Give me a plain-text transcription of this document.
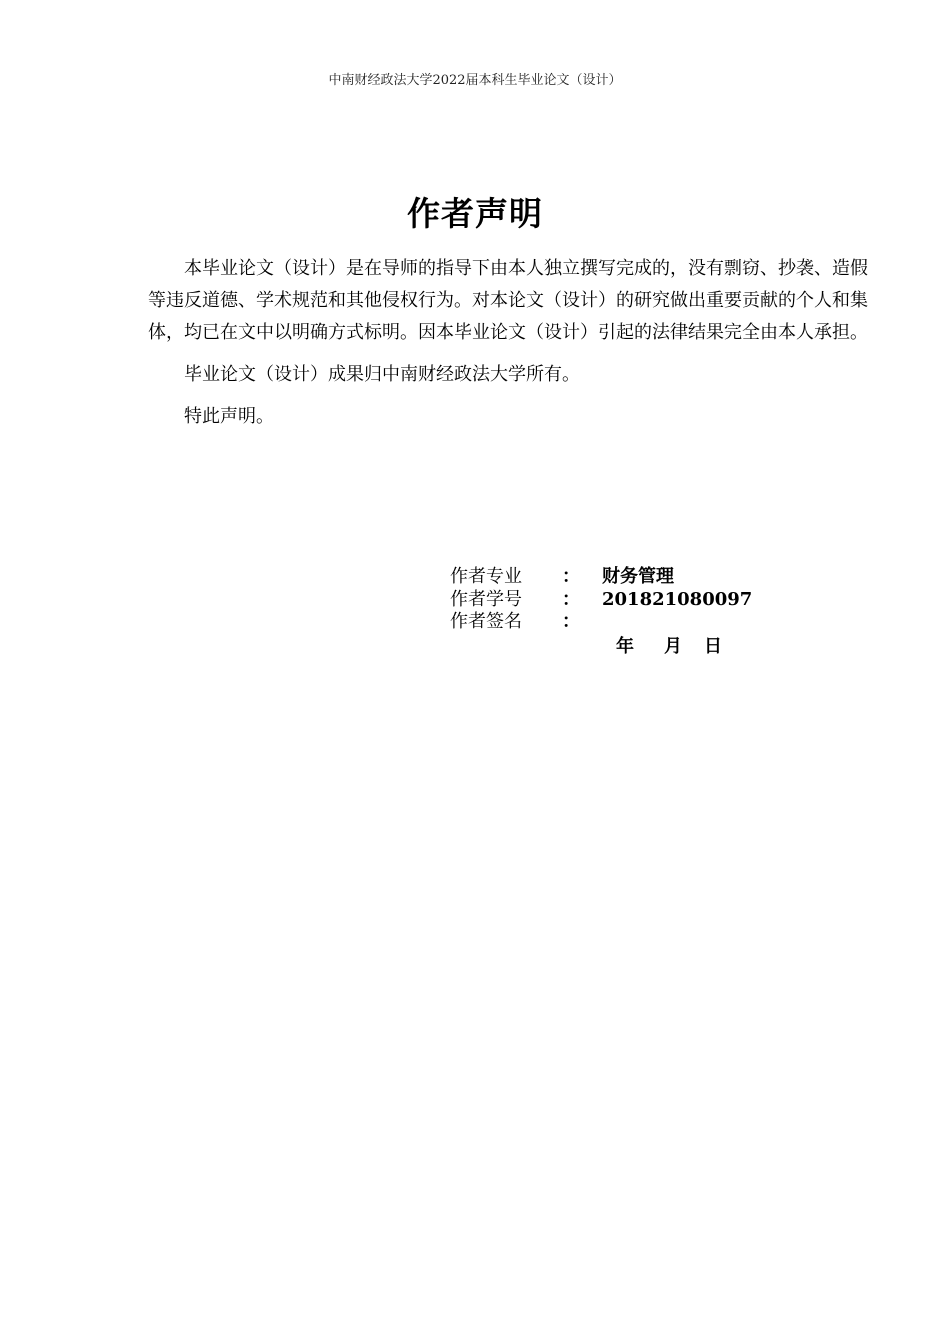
中南财经政法大学2022届本科生毕业论文（设计）
作者声明

本毕业论文（设计）是在导师的指导下由本人独立撰写完成的，没有剽窃、抄袭、造假等违反道德、学术规范和其他侵权行为。对本论文（设计）的研究做出重要贡献的个人和集体，均已在文中以明确方式标明。因本毕业论文（设计）引起的法律结果完全由本人承担。

毕业论文（设计）成果归中南财经政法大学所有。

特此声明。

作者专业	：	财务管理
作者学号	：	201821080097
作者签名	：
年 月 日
